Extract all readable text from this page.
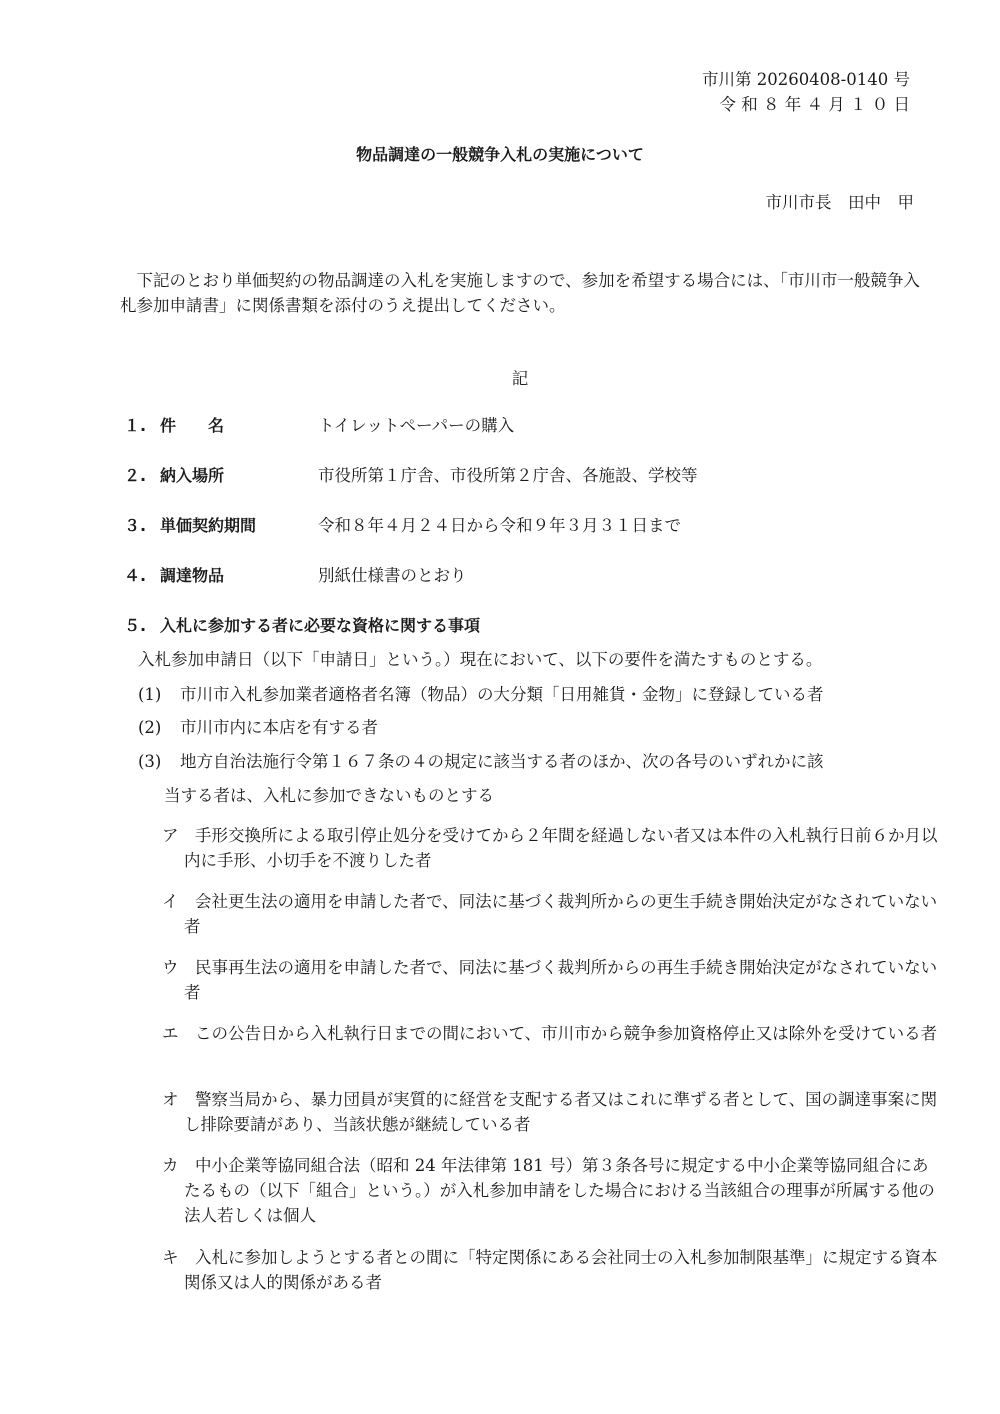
市川第 20260408-0140 号
令 和 ８ 年 ４ 月 １ ０ 日
物品調達の一般競争入札の実施について
市川市長　田中　甲

下記のとおり単価契約の物品調達の入札を実施しますので、参加を希望する場合には、「市川市一般競争入札参加申請書」に関係書類を添付のうえ提出してください。

記
１. 件　　名	トイレットペーパーの購入
２. 納入場所	市役所第１庁舎、市役所第２庁舎、各施設、学校等
３. 単価契約期間	令和８年４月２４日から令和９年３月３１日まで
４. 調達物品	別紙仕様書のとおり
５. 入札に参加する者に必要な資格に関する事項
入札参加申請日（以下「申請日」という。）現在において、以下の要件を満たすものとする。
(1) 市川市入札参加業者適格者名簿（物品）の大分類「日用雑貨・金物」に登録している者
(2) 市川市内に本店を有する者
(3) 地方自治法施行令第１６７条の４の規定に該当する者のほか、次の各号のいずれかに該
当する者は、入札に参加できないものとする

ア　 手形交換所による取引停止処分を受けてから２年間を経過しない者又は本件の入札執行日前６か月以内に手形、小切手を不渡りした者

イ　 会社更生法の適用を申請した者で、同法に基づく裁判所からの更生手続き開始決定がなされていない者

ウ　 民事再生法の適用を申請した者で、同法に基づく裁判所からの再生手続き開始決定がなされていない者

エ　 この公告日から入札執行日までの間において、市川市から競争参加資格停止又は除外を受けている者

オ　 警察当局から、暴力団員が実質的に経営を支配する者又はこれに準ずる者として、国の調達事案に関し排除要請があり、当該状態が継続している者

カ　 中小企業等協同組合法（昭和 24 年法律第 181 号）第３条各号に規定する中小企業等協同組合にあたるもの（以下「組合」という。）が入札参加申請をした場合における当該組合の理事が所属する他の法人若しくは個人

キ　 入札に参加しようとする者との間に「特定関係にある会社同士の入札参加制限基準」に規定する資本関係又は人的関係がある者
